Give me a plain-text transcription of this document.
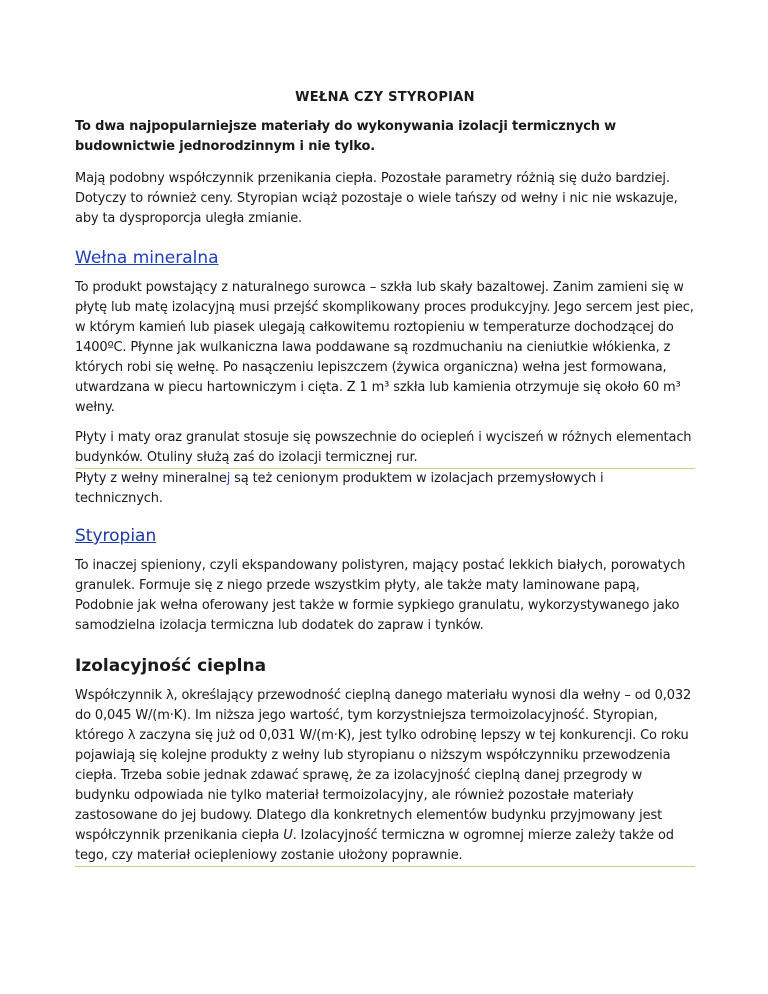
WEŁNA CZY STYROPIAN

To dwa najpopularniejsze materiały do wykonywania izolacji termicznych w budownictwie jednorodzinnym i nie tylko.

Mają podobny współczynnik przenikania ciepła. Pozostałe parametry różnią się dużo bardziej. Dotyczy to również ceny. Styropian wciąż pozostaje o wiele tańszy od wełny i nic nie wskazuje, aby ta dysproporcja uległa zmianie.

Wełna mineralna

To produkt powstający z naturalnego surowca – szkła lub skały bazaltowej. Zanim zamieni się w płytę lub matę izolacyjną musi przejść skomplikowany proces produkcyjny. Jego sercem jest piec, w którym kamień lub piasek ulegają całkowitemu roztopieniu w temperaturze dochodzącej do 1400ºC. Płynne jak wulkaniczna lawa poddawane są rozdmuchaniu na cieniutkie włókienka, z których robi się wełnę. Po nasączeniu lepiszczem (żywica organiczna) wełna jest formowana, utwardzana w piecu hartowniczym i cięta. Z 1 m³ szkła lub kamienia otrzymuje się około 60 m³ wełny.

Płyty i maty oraz granulat stosuje się powszechnie do ociepleń i wyciszeń w różnych elementach budynków. Otuliny służą zaś do izolacji termicznej rur.

Płyty z wełny mineralnej są też cenionym produktem w izolacjach przemysłowych i technicznych.

Styropian

To inaczej spieniony, czyli ekspandowany polistyren, mający postać lekkich białych, porowatych granulek. Formuje się z niego przede wszystkim płyty, ale także maty laminowane papą, Podobnie jak wełna oferowany jest także w formie sypkiego granulatu, wykorzystywanego jako samodzielna izolacja termiczna lub dodatek do zapraw i tynków.

Izolacyjność cieplna

Współczynnik λ, określający przewodność cieplną danego materiału wynosi dla wełny – od 0,032 do 0,045 W/(m·K). Im niższa jego wartość, tym korzystniejsza termoizolacyjność. Styropian, którego λ zaczyna się już od 0,031 W/(m·K), jest tylko odrobinę lepszy w tej konkurencji. Co roku pojawiają się kolejne produkty z wełny lub styropianu o niższym współczynniku przewodzenia ciepła. Trzeba sobie jednak zdawać sprawę, że za izolacyjność cieplną danej przegrody w budynku odpowiada nie tylko materiał termoizolacyjny, ale również pozostałe materiały zastosowane do jej budowy. Dlatego dla konkretnych elementów budynku przyjmowany jest współczynnik przenikania ciepła U. Izolacyjność termiczna w ogromnej mierze zależy także od tego, czy materiał ociepleniowy zostanie ułożony poprawnie.
